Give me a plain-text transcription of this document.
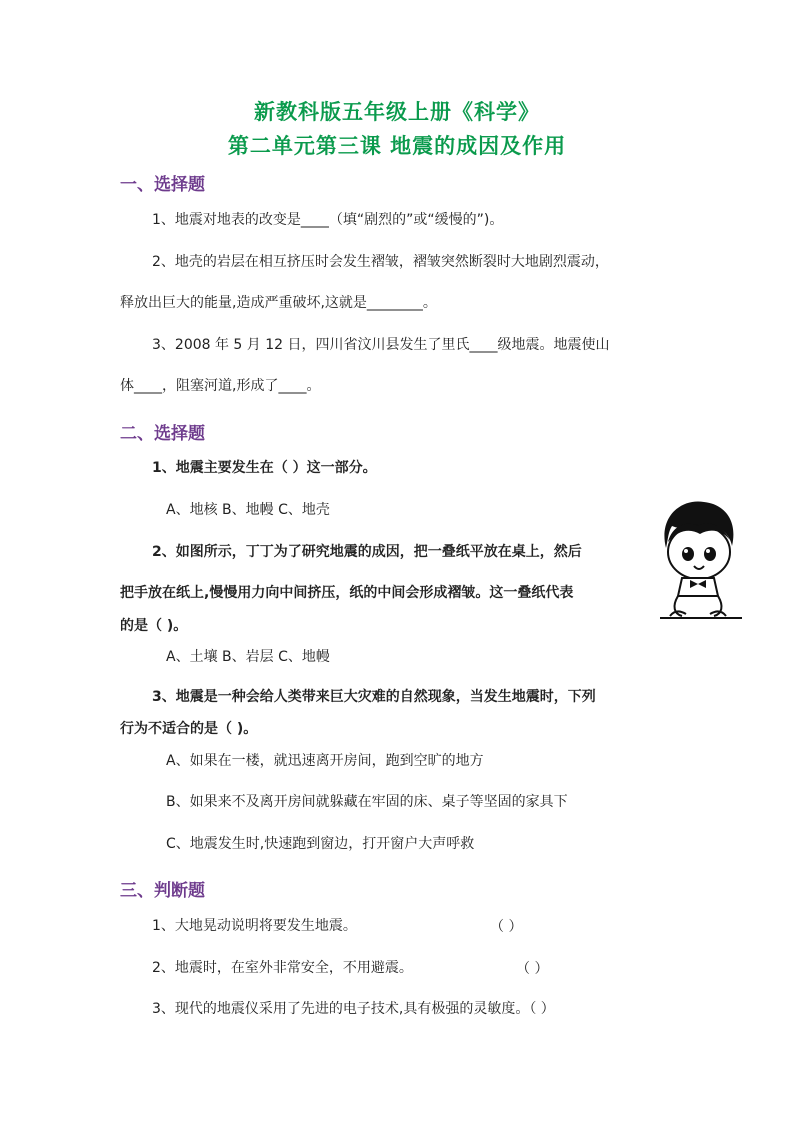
新教科版五年级上册《科学》
第二单元第三课 地震的成因及作用
一、选择题
1、地震对地表的改变是____（填“剧烈的”或“缓慢的”)。
2、地壳的岩层在相互挤压时会发生褶皱，褶皱突然断裂时大地剧烈震动，
释放出巨大的能量,造成严重破坏,这就是________。
3、2008 年 5 月 12 日，四川省汶川县发生了里氏____级地震。地震使山
体____，阻塞河道,形成了____。
二、选择题
1、地震主要发生在（ ）这一部分。
A、地核 B、地幔 C、地壳
2、如图所示，丁丁为了研究地震的成因，把一叠纸平放在桌上，然后
把手放在纸上,慢慢用力向中间挤压，纸的中间会形成褶皱。这一叠纸代表
的是（ )。
A、土壤 B、岩层 C、地幔
3、地震是一种会给人类带来巨大灾难的自然现象，当发生地震时，下列
行为不适合的是（ )。
A、如果在一楼，就迅速离开房间，跑到空旷的地方
B、如果来不及离开房间就躲藏在牢固的床、桌子等坚固的家具下
C、地震发生时,快速跑到窗边，打开窗户大声呼救
三、判断题
1、大地晃动说明将要发生地震。	（ ）
2、地震时，在室外非常安全，不用避震。	（ ）
3、现代的地震仪采用了先进的电子技术,具有极强的灵敏度。（ ）
